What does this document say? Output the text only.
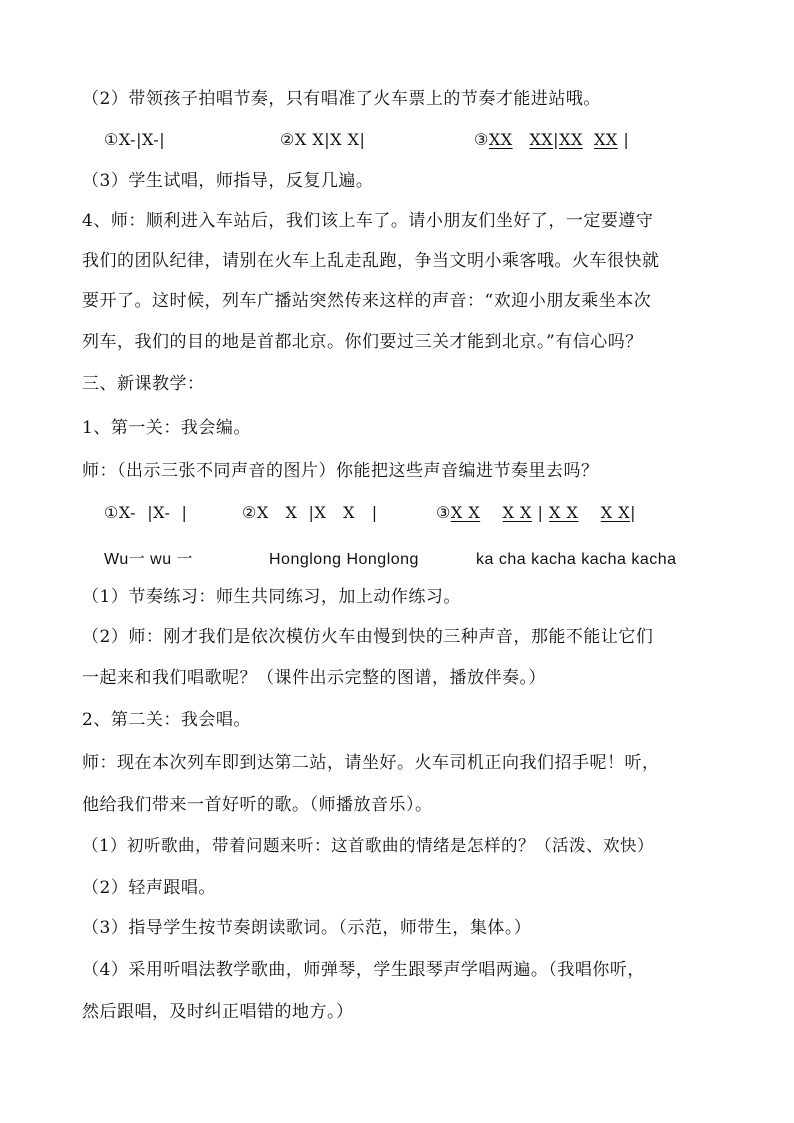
（2）带领孩子拍唱节奏，只有唱准了火车票上的节奏才能进站哦。
①X-|X-|	②X X|X X|	③XX XX|XX XX |
（3）学生试唱，师指导，反复几遍。
4、师：顺利进入车站后，我们该上车了。请小朋友们坐好了，一定要遵守
我们的团队纪律，请别在火车上乱走乱跑，争当文明小乘客哦。火车很快就
要开了。这时候，列车广播站突然传来这样的声音：“欢迎小朋友乘坐本次
列车，我们的目的地是首都北京。你们要过三关才能到北京。”有信心吗？
三、新课教学：
1、第一关：我会编。
师：（出示三张不同声音的图片）你能把这些声音编进节奏里去吗？
①X-  |X-  |	②X   X  |X   X   |	③X X X X | X X X X|
Wu一 wu 一	Honglong Honglong	ka cha kacha kacha kacha
（1）节奏练习：师生共同练习，加上动作练习。
（2）师：刚才我们是依次模仿火车由慢到快的三种声音，那能不能让它们
一起来和我们唱歌呢？（课件出示完整的图谱，播放伴奏。）
2、第二关：我会唱。
师：现在本次列车即到达第二站，请坐好。火车司机正向我们招手呢！听，
他给我们带来一首好听的歌。（师播放音乐）。
（1）初听歌曲，带着问题来听：这首歌曲的情绪是怎样的？（活泼、欢快）
（2）轻声跟唱。
（3）指导学生按节奏朗读歌词。（示范，师带生，集体。）
（4）采用听唱法教学歌曲，师弹琴，学生跟琴声学唱两遍。（我唱你听，
然后跟唱，及时纠正唱错的地方。）
